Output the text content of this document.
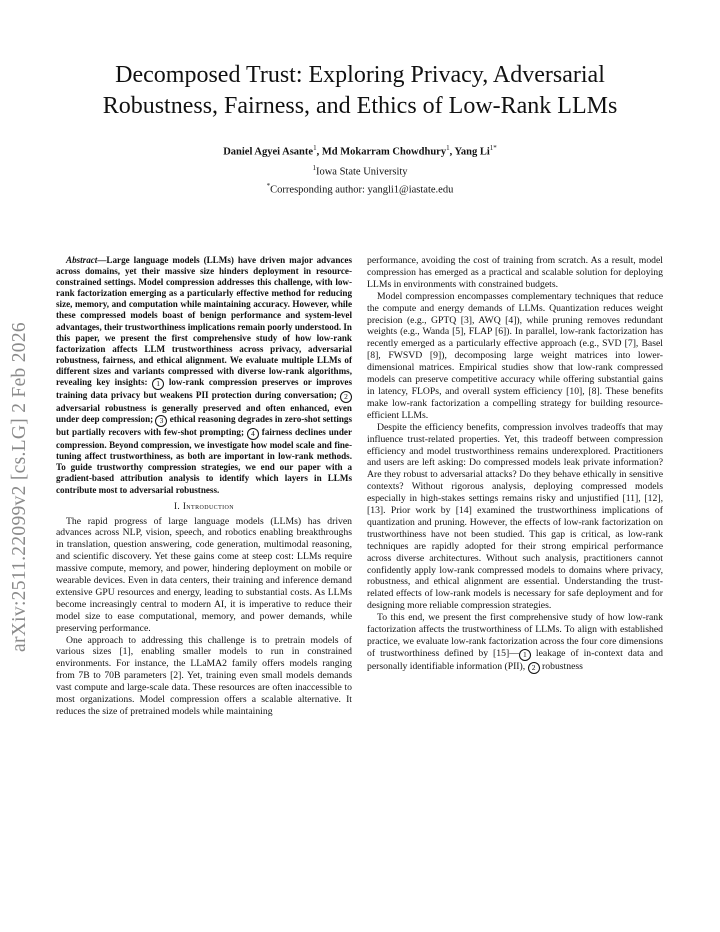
arXiv:2511.22099v2 [cs.LG] 2 Feb 2026
Decomposed Trust: Exploring Privacy, Adversarial Robustness, Fairness, and Ethics of Low-Rank LLMs
Daniel Agyei Asante$^1$, Md Mokarram Chowdhury$^1$, Yang $Li^{1*}$
$^1$Iowa State University
*Corresponding author: yangli1@iastate.edu

Abstract—Large language models (LLMs) have driven major advances across domains, yet their massive size hinders deployment in resource-constrained settings. Model compression addresses this challenge, with low-rank factorization emerging as a particularly effective method for reducing size, memory, and computation while maintaining accuracy. However, while these compressed models boast of benign performance and system-level advantages, their trustworthiness implications remain poorly understood. In this paper, we present the first comprehensive study of how low-rank factorization affects LLM trustworthiness across privacy, adversarial robustness, fairness, and ethical alignment. We evaluate multiple LLMs of different sizes and variants compressed with diverse low-rank algorithms, revealing key insights: 1 low-rank compression preserves or improves training data privacy but weakens PII protection during conversation; 2 adversarial robustness is generally preserved and often enhanced, even under deep compression; 3 ethical reasoning degrades in zero-shot settings but partially recovers with few-shot prompting; 4 fairness declines under compression. Beyond compression, we investigate how model scale and fine-tuning affect trustworthiness, as both are important in low-rank methods. To guide trustworthy compression strategies, we end our paper with a gradient-based attribution analysis to identify which layers in LLMs contribute most to adversarial robustness.

I. Introduction

The rapid progress of large language models (LLMs) has driven advances across NLP, vision, speech, and robotics enabling breakthroughs in translation, question answering, code generation, multimodal reasoning, and scientific discovery. Yet these gains come at steep cost: LLMs require massive compute, memory, and power, hindering deployment on mobile or wearable devices. Even in data centers, their training and inference demand extensive GPU resources and energy, leading to substantial costs. As LLMs become increasingly central to modern AI, it is imperative to reduce their model size to ease computational, memory, and power demands, while preserving performance.

One approach to addressing this challenge is to pretrain models of various sizes [1], enabling smaller models to run in constrained environments. For instance, the LLaMA2 family offers models ranging from 7B to 70B parameters [2]. Yet, training even small models demands vast compute and large-scale data. These resources are often inaccessible to most organizations. Model compression offers a scalable alternative. It reduces the size of pretrained models while maintaining

performance, avoiding the cost of training from scratch. As a result, model compression has emerged as a practical and scalable solution for deploying LLMs in environments with constrained budgets.

Model compression encompasses complementary techniques that reduce the compute and energy demands of LLMs. Quantization reduces weight precision (e.g., GPTQ [3], AWQ [4]), while pruning removes redundant weights (e.g., Wanda [5], FLAP [6]). In parallel, low-rank factorization has recently emerged as a particularly effective approach (e.g., SVD [7], Basel [8], FWSVD [9]), decomposing large weight matrices into lower-dimensional matrices. Empirical studies show that low-rank compressed models can preserve competitive accuracy while offering substantial gains in latency, FLOPs, and overall system efficiency [10], [8]. These benefits make low-rank factorization a compelling strategy for building resource-efficient LLMs.

Despite the efficiency benefits, compression involves tradeoffs that may influence trust-related properties. Yet, this tradeoff between compression efficiency and model trustworthiness remains underexplored. Practitioners and users are left asking: Do compressed models leak private information? Are they robust to adversarial attacks? Do they behave ethically in sensitive contexts? Without rigorous analysis, deploying compressed models especially in high-stakes settings remains risky and unjustified [11], [12], [13]. Prior work by [14] examined the trustworthiness implications of quantization and pruning. However, the effects of low-rank factorization on trustworthiness have not been studied. This gap is critical, as low-rank techniques are rapidly adopted for their strong empirical performance across diverse architectures. Without such analysis, practitioners cannot confidently apply low-rank compressed models to domains where privacy, robustness, and ethical alignment are essential. Understanding the trust-related effects of low-rank models is necessary for safe deployment and for designing more reliable compression strategies.

To this end, we present the first comprehensive study of how low-rank factorization affects the trustworthiness of LLMs. To align with established practice, we evaluate low-rank factorization across the four core dimensions of trustworthiness defined by [15]— 1 leakage of in-context data and personally identifiable information (PII), 2 robustness
